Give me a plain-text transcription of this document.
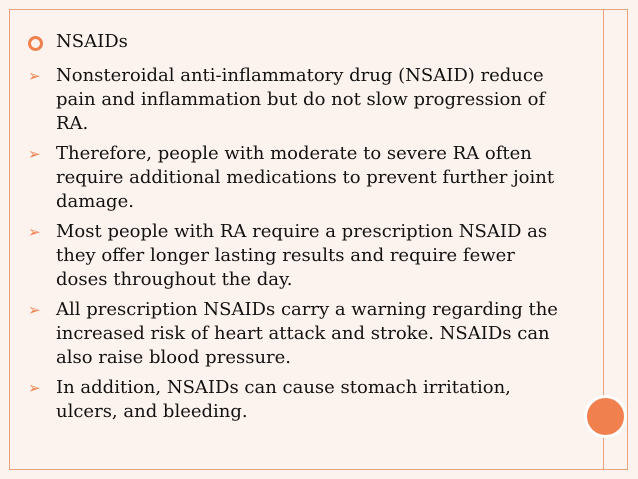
NSAIDs
➢ Nonsteroidal anti-inflammatory drug (NSAID) reduce pain and inflammation but do not slow progression of RA.
➢ Therefore, people with moderate to severe RA often require additional medications to prevent further joint damage.
➢ Most people with RA require a prescription NSAID as they offer longer lasting results and require fewer doses throughout the day.
➢ All prescription NSAIDs carry a warning regarding the increased risk of heart attack and stroke. NSAIDs can also raise blood pressure.
➢ In addition, NSAIDs can cause stomach irritation, ulcers, and bleeding.
